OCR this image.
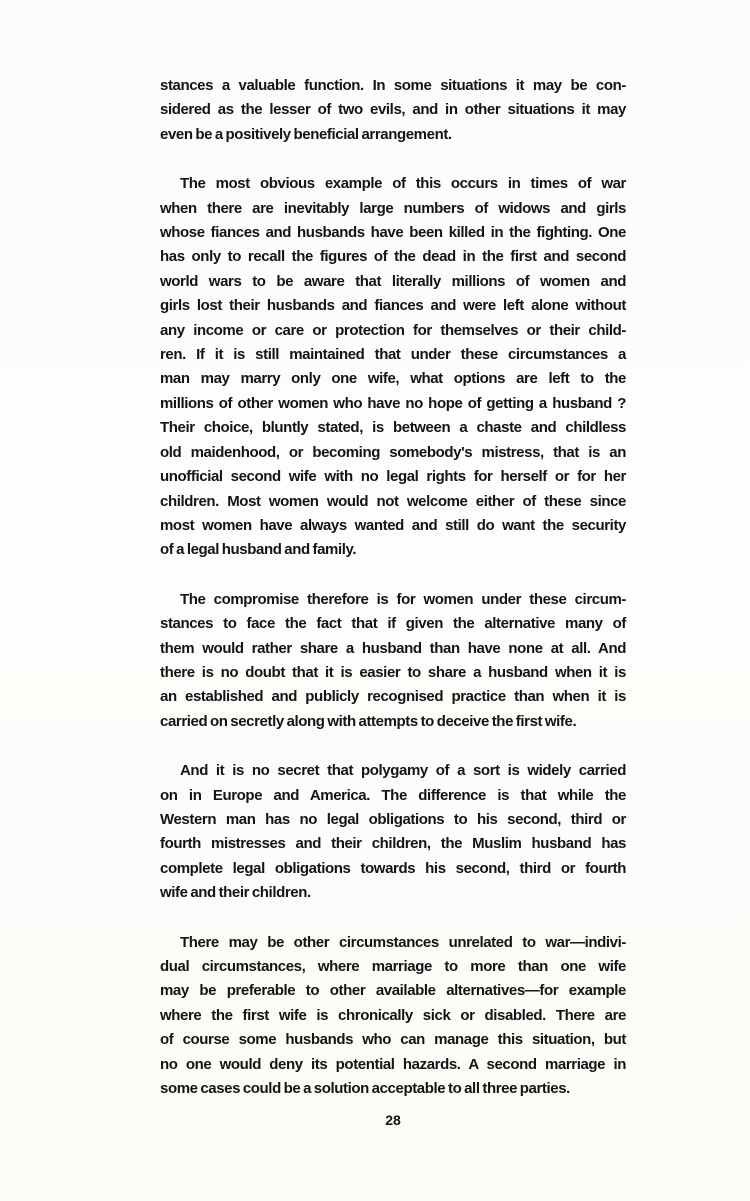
stances a valuable function. In some situations it may be con-
sidered as the lesser of two evils, and in other situations it may
even be a positively beneficial arrangement.
The most obvious example of this occurs in times of war
when there are inevitably large numbers of widows and girls
whose fiances and husbands have been killed in the fighting. One
has only to recall the figures of the dead in the first and second
world wars to be aware that literally millions of women and
girls lost their husbands and fiances and were left alone without
any income or care or protection for themselves or their child-
ren. If it is still maintained that under these circumstances a
man may marry only one wife, what options are left to the
millions of other women who have no hope of getting a husband ?
Their choice, bluntly stated, is between a chaste and childless
old maidenhood, or becoming somebody's mistress, that is an
unofficial second wife with no legal rights for herself or for her
children. Most women would not welcome either of these since
most women have always wanted and still do want the security
of a legal husband and family.
The compromise therefore is for women under these circum-
stances to face the fact that if given the alternative many of
them would rather share a husband than have none at all. And
there is no doubt that it is easier to share a husband when it is
an established and publicly recognised practice than when it is
carried on secretly along with attempts to deceive the first wife.
And it is no secret that polygamy of a sort is widely carried
on in Europe and America. The difference is that while the
Western man has no legal obligations to his second, third or
fourth mistresses and their children, the Muslim husband has
complete legal obligations towards his second, third or fourth
wife and their children.
There may be other circumstances unrelated to war—indivi-
dual circumstances, where marriage to more than one wife
may be preferable to other available alternatives—for example
where the first wife is chronically sick or disabled. There are
of course some husbands who can manage this situation, but
no one would deny its potential hazards. A second marriage in
some cases could be a solution acceptable to all three parties.
28
